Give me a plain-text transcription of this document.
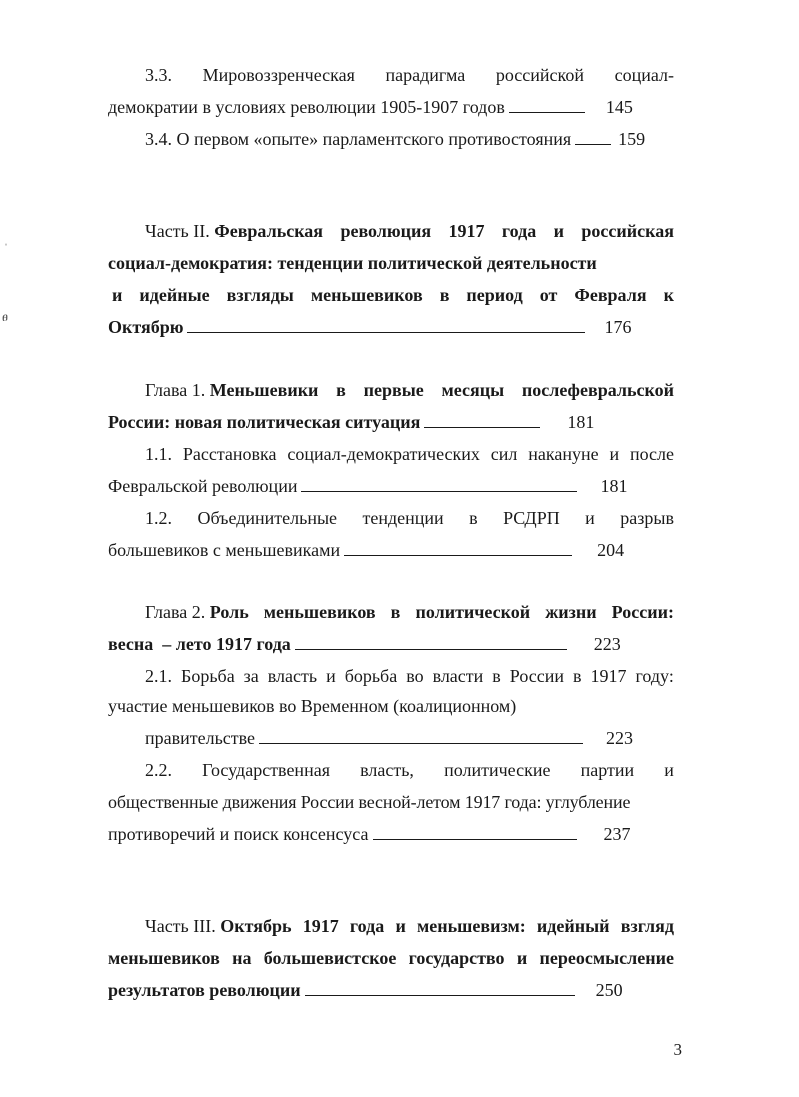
3.3. Мировоззренческая парадигма российской социал-
демократии в условиях революции 1905-1907 годов	145
3.4. О первом «опыте» парламентского противостояния	159
Часть II. Февральская революция 1917 года и российская
социал-демократия: тенденции политической деятельности
и идейные взгляды меньшевиков в период от Февраля к
Октябрю	176
Глава 1. Меньшевики в первые месяцы послефевральской
России: новая политическая ситуация	181
1.1. Расстановка социал-демократических сил накануне и после
Февральской революции	181
1.2. Объединительные тенденции в РСДРП и разрыв
большевиков с меньшевиками	204
Глава 2. Роль меньшевиков в политической жизни России:
весна  – лето 1917 года	223
2.1. Борьба за власть и борьба во власти в России в 1917 году:
участие меньшевиков во Временном (коалиционном)
правительстве	223
2.2. Государственная власть, политические партии и
общественные движения России весной-летом 1917 года: углубление
противоречий и поиск консенсуса	237
Часть III. Октябрь 1917 года и меньшевизм: идейный взгляд
меньшевиков на большевистское государство и переосмысление
результатов революции	250
3
ˌ
ፀ
